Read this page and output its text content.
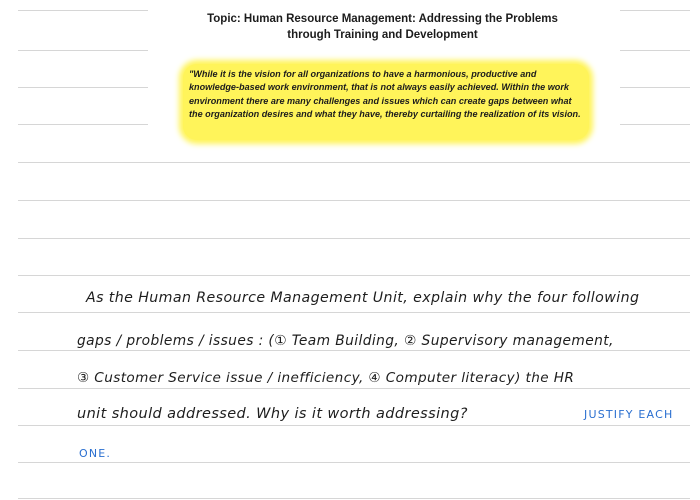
Topic: Human Resource Management: Addressing the Problems
through Training and Development
"While it is the vision for all organizations to have a harmonious, productive and knowledge-based work environment, that is not always easily achieved. Within the work environment there are many challenges and issues which can create gaps between what the organization desires and what they have, thereby curtailing the realization of its vision.
As the Human Resource Management Unit, explain why the four following
gaps / problems / issues : (① Team Building, ② Supervisory management,
③ Customer Service issue / inefficiency, ④ Computer literacy) the HR
unit should addressed. Why is it worth addressing?	JUSTIFY EACH
ONE.
